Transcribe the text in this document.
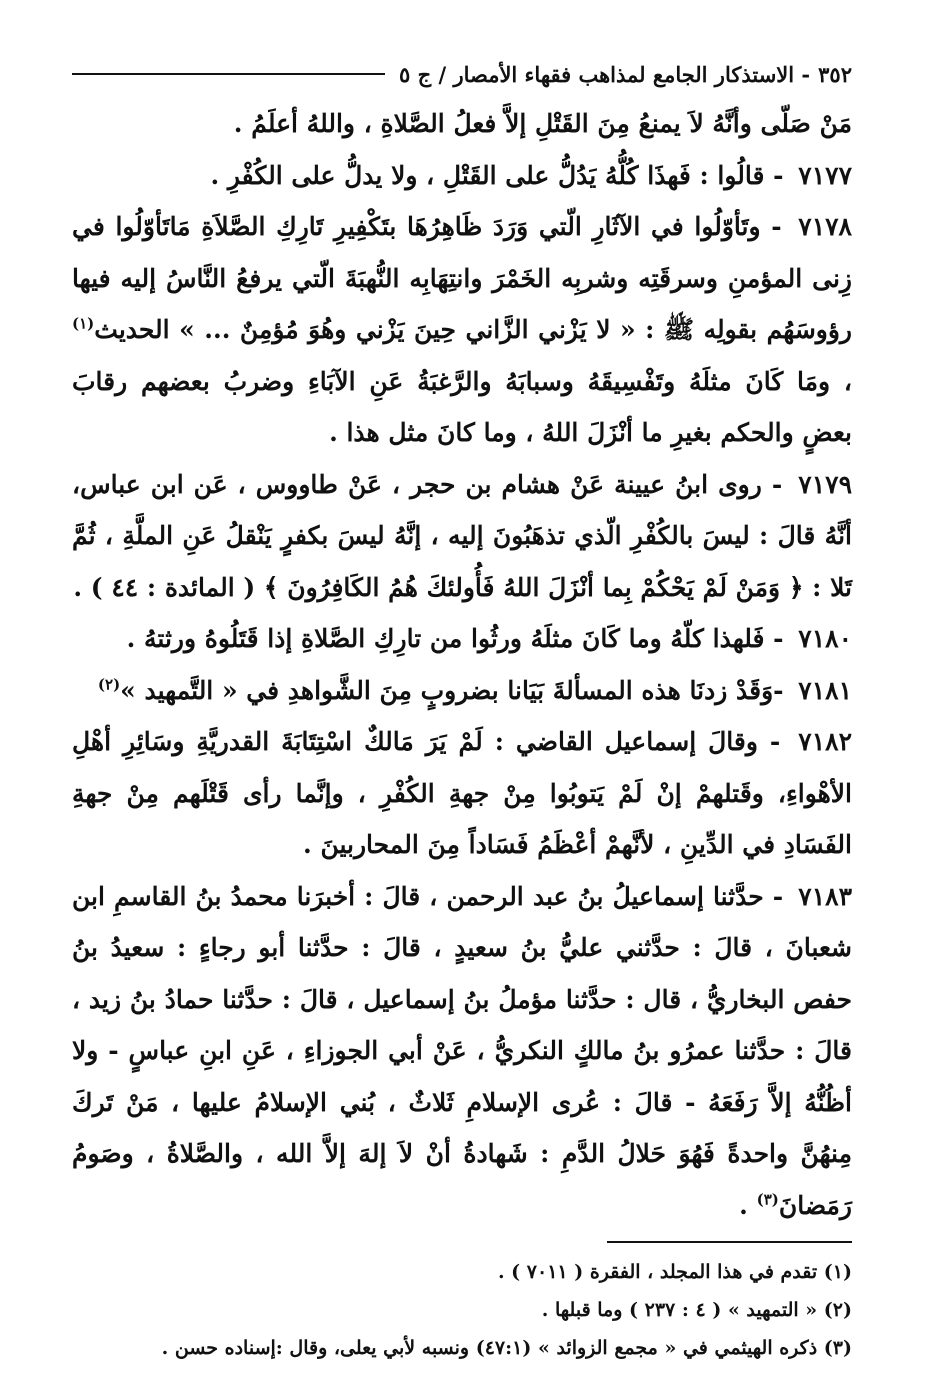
٣٥٢
- الاستذكار الجامع لمذاهب فقهاء الأمصار / ج ٥

مَنْ صَلّى وأنَّهُ لاَ يمنعُ مِنَ القَتْلِ إلاَّ فعلُ الصَّلاةِ ، واللهُ أعلَمُ .

٧١٧٧ - قالُوا : فَهذَا كُلُّهُ يَدُلُّ على القَتْلِ ، ولا يدلُّ على الكُفْرِ .

٧١٧٨ - وتَأوّلُوا في الآثَارِ الّتي وَرَدَ ظَاهِرُهَا بتَكْفِيرِ تَارِكِ الصَّلاَةِ مَاتَأوّلُوا في زِنى المؤمنِ وسرقَتِه وشربِه الخَمْرَ وانتِهَابِه النُّهبَةَ الّتي يرفعُ النَّاسُ إليه فيها رؤوسَهُم بقولِه ﷺ : « لا يَزْني الزَّاني حِينَ يَزْني وهُوَ مُؤمِنٌ ... » الحديث$^{(١)}$ ، ومَا كَانَ مثلَهُ وتَفْسِيقَهُ وسبابَهُ والرَّغبَةُ عَنِ الآبَاءِ وضربُ بعضهم رقابَ بعضٍ والحكم بغيرِ ما أنْزَلَ اللهُ ، وما كانَ مثل هذا .

٧١٧٩ - روى ابنُ عيينة عَنْ هشام بن حجر ، عَنْ طاووس ، عَن ابن عباس، أنَّهُ قالَ : ليسَ بالكُفْرِ الّذي تذهَبُونَ إليه ، إنَّهُ ليسَ بكفرٍ يَنْقلُ عَنِ الملَّةِ ، ثُمَّ تَلا : ﴿ وَمَنْ لَمْ يَحْكُمْ بِما أنْزَلَ اللهُ فَأُولئكَ هُمُ الكَافِرُونَ ﴾ ( المائدة : ٤٤ ) .

٧١٨٠ - فَلهذا كلّهُ وما كَانَ مثلَهُ ورثُوا من تارِكِ الصَّلاةِ إذا قَتَلُوهُ ورثتهُ .

٧١٨١ -وَقَدْ زدنَا هذه المسألةَ بَيَانا بضروبٍ مِنَ الشَّواهدِ في « التَّمهيد »$^{(٢)}$

٧١٨٢ - وقالَ إسماعيل القاضي : لَمْ يَرَ مَالكٌ اسْتِتَابَةَ القدريَّةِ وسَائِرِ أهْلِ الأهْواءِ، وقَتلهمْ إنْ لَمْ يَتوبُوا مِنْ جهةِ الكُفْرِ ، وإنَّما رأى قَتْلَهم مِنْ جهةِ الفَسَادِ في الدِّينِ ، لأنَّهمْ أعْظَمُ فَسَاداً مِنَ المحاربينَ .

٧١٨٣ - حدَّثنا إسماعيلُ بنُ عبد الرحمن ، قالَ : أخبرَنا محمدُ بنُ القاسمِ ابن شعبانَ ، قالَ : حدَّثني عليُّ بنُ سعيدٍ ، قالَ : حدَّثنا أبو رجاءٍ : سعيدُ بنُ حفص البخاريُّ ، قال : حدَّثنا مؤملُ بنُ إسماعيل ، قالَ : حدَّثنا حمادُ بنُ زيد ، قالَ : حدَّثنا عمرُو بنُ مالكٍ النكريُّ ، عَنْ أبي الجوزاءِ ، عَنِ ابنِ عباسٍ - ولا أظُنُّهُ إلاَّ رَفَعَهُ - قالَ : عُرى الإسلامِ ثَلاثٌ ، بُني الإسلامُ عليها ، مَنْ تَركَ مِنهُنَّ واحدةً فَهُوَ حَلالُ الدَّمِ : شَهادةُ أنْ لاَ إلهَ إلاَّ الله ، والصَّلاةُ ، وصَومُ رَمَضانَ$^{(٣)}$ .

(١) تقدم في هذا المجلد ، الفقرة ( ٧٠١١ ) .

(٢) « التمهيد » ( ٤ : ٢٣٧ ) وما قبلها .

(٣) ذكره الهيثمي في « مجمع الزوائد » (٤٧:١) ونسبه لأبي يعلى، وقال :إسناده حسن .
